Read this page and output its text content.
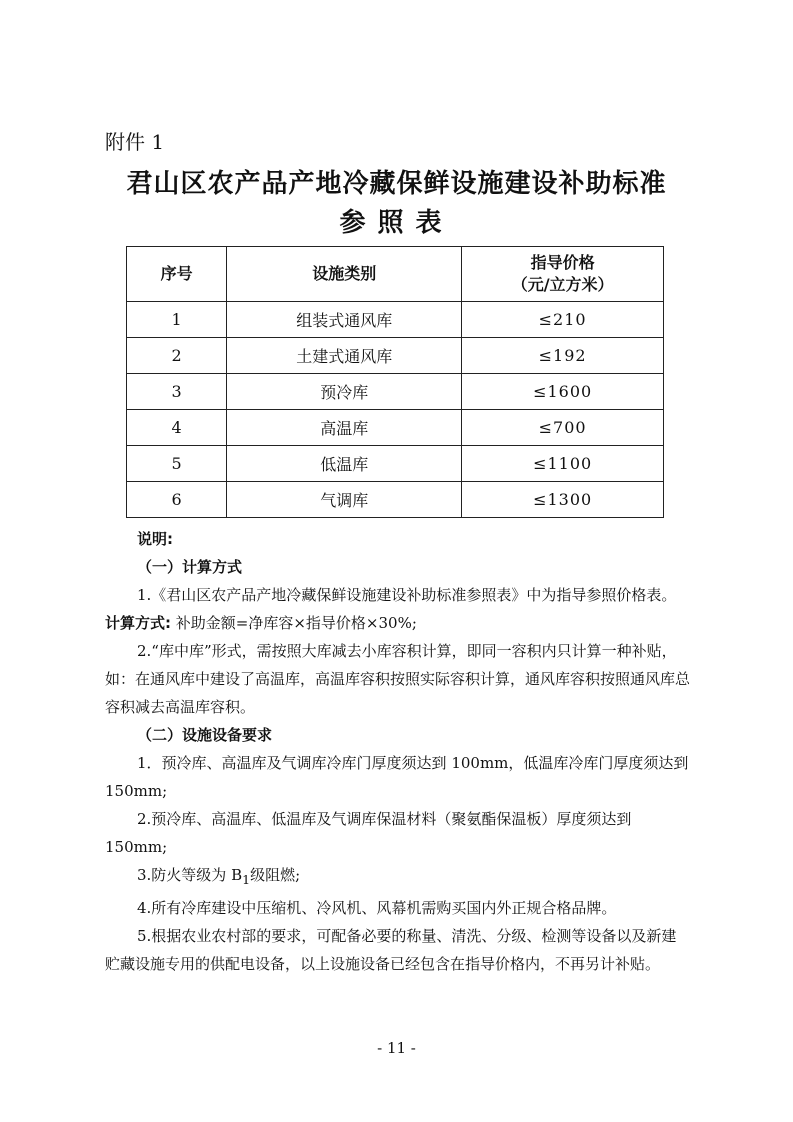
附件 1
君山区农产品产地冷藏保鲜设施建设补助标准
参照表
序号	设施类别	指导价格
（元/立方米）

1	组装式通风库	≤210
2	土建式通风库	≤192
3	预冷库	≤1600
4	高温库	≤700
5	低温库	≤1100
6	气调库	≤1300

说明:

（一）计算方式

1.《君山区农产品产地冷藏保鲜设施建设补助标准参照表》中为指导参照价格表。

计算方式: 补助金额=净库容×指导价格×30%;

2.“库中库”形式，需按照大库减去小库容积计算，即同一容积内只计算一种补贴，如：在通风库中建设了高温库，高温库容积按照实际容积计算，通风库容积按照通风库总容积减去高温库容积。

（二）设施设备要求

1．预冷库、高温库及气调库冷库门厚度须达到 100mm，低温库冷库门厚度须达到 150mm;

2.预冷库、高温库、低温库及气调库保温材料（聚氨酯保温板）厚度须达到 150mm;

3.防火等级为 $B_1$级阻燃;

4.所有冷库建设中压缩机、冷风机、风幕机需购买国内外正规合格品牌。

5.根据农业农村部的要求，可配备必要的称量、清洗、分级、检测等设备以及新建贮藏设施专用的供配电设备，以上设施设备已经包含在指导价格内，不再另计补贴。

- 11 -
